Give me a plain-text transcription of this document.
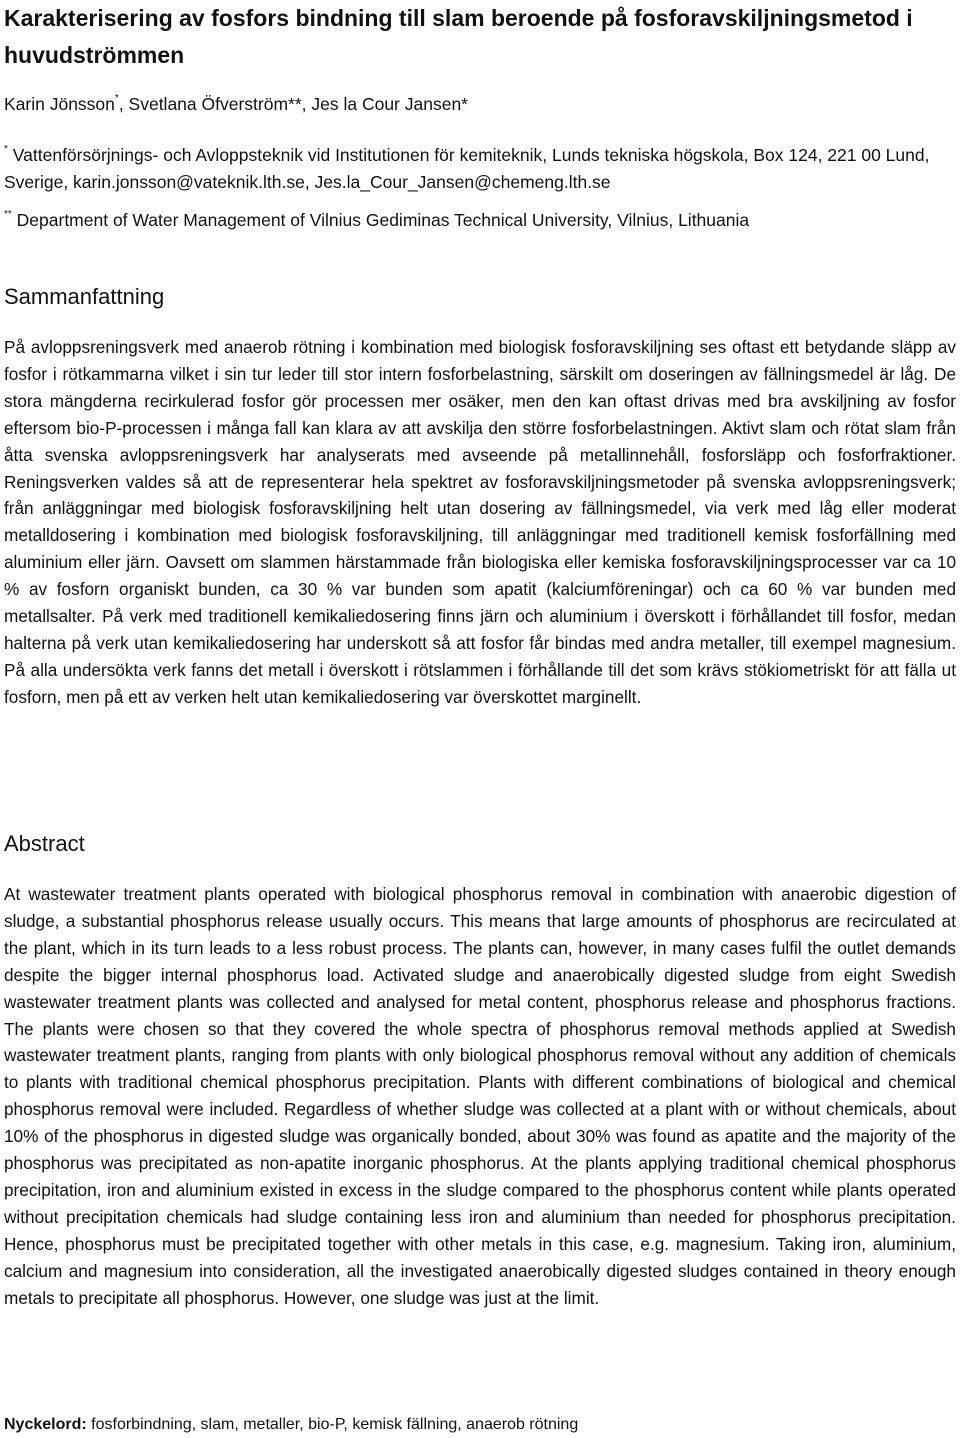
Karakterisering av fosfors bindning till slam beroende på fosforavskiljningsmetod i huvudströmmen

Karin Jönsson*, Svetlana Öfverström**, Jes la Cour Jansen*

* Vattenförsörjnings- och Avloppsteknik vid Institutionen för kemiteknik, Lunds tekniska högskola, Box 124, 221 00 Lund, Sverige, karin.jonsson@vateknik.lth.se, Jes.la_Cour_Jansen@chemeng.lth.se

** Department of Water Management of Vilnius Gediminas Technical University, Vilnius, Lithuania

Sammanfattning

På avloppsreningsverk med anaerob rötning i kombination med biologisk fosforavskiljning ses oftast ett betydande släpp av fosfor i rötkammarna vilket i sin tur leder till stor intern fosforbelastning, särskilt om doseringen av fällningsmedel är låg. De stora mängderna recirkulerad fosfor gör processen mer osäker, men den kan oftast drivas med bra avskiljning av fosfor eftersom bio-P-processen i många fall kan klara av att avskilja den större fosforbelastningen. Aktivt slam och rötat slam från åtta svenska avloppsreningsverk har analyserats med avseende på metallinnehåll, fosforsläpp och fosforfraktioner. Reningsverken valdes så att de representerar hela spektret av fosforavskiljningsmetoder på svenska avloppsreningsverk; från anläggningar med biologisk fosforavskiljning helt utan dosering av fällningsmedel, via verk med låg eller moderat metalldosering i kombination med biologisk fosforavskiljning, till anläggningar med traditionell kemisk fosforfällning med aluminium eller järn. Oavsett om slammen härstammade från biologiska eller kemiska fosforavskiljningsprocesser var ca 10 % av fosforn organiskt bunden, ca 30 % var bunden som apatit (kalciumföreningar) och ca 60 % var bunden med metallsalter. På verk med traditionell kemikaliedosering finns järn och aluminium i överskott i förhållandet till fosfor, medan halterna på verk utan kemikaliedosering har underskott så att fosfor får bindas med andra metaller, till exempel magnesium. På alla undersökta verk fanns det metall i överskott i rötslammen i förhållande till det som krävs stökiometriskt för att fälla ut fosforn, men på ett av verken helt utan kemikaliedosering var överskottet marginellt.

Abstract

At wastewater treatment plants operated with biological phosphorus removal in combination with anaerobic digestion of sludge, a substantial phosphorus release usually occurs. This means that large amounts of phosphorus are recirculated at the plant, which in its turn leads to a less robust process. The plants can, however, in many cases fulfil the outlet demands despite the bigger internal phosphorus load. Activated sludge and anaerobically digested sludge from eight Swedish wastewater treatment plants was collected and analysed for metal content, phosphorus release and phosphorus fractions. The plants were chosen so that they covered the whole spectra of phosphorus removal methods applied at Swedish wastewater treatment plants, ranging from plants with only biological phosphorus removal without any addition of chemicals to plants with traditional chemical phosphorus precipitation. Plants with different combinations of biological and chemical phosphorus removal were included. Regardless of whether sludge was collected at a plant with or without chemicals, about 10% of the phosphorus in digested sludge was organically bonded, about 30% was found as apatite and the majority of the phosphorus was precipitated as non-apatite inorganic phosphorus. At the plants applying traditional chemical phosphorus precipitation, iron and aluminium existed in excess in the sludge compared to the phosphorus content while plants operated without precipitation chemicals had sludge containing less iron and aluminium than needed for phosphorus precipitation. Hence, phosphorus must be precipitated together with other metals in this case, e.g. magnesium. Taking iron, aluminium, calcium and magnesium into consideration, all the investigated anaerobically digested sludges contained in theory enough metals to precipitate all phosphorus. However, one sludge was just at the limit.

Nyckelord: fosforbindning, slam, metaller, bio-P, kemisk fällning, anaerob rötning
